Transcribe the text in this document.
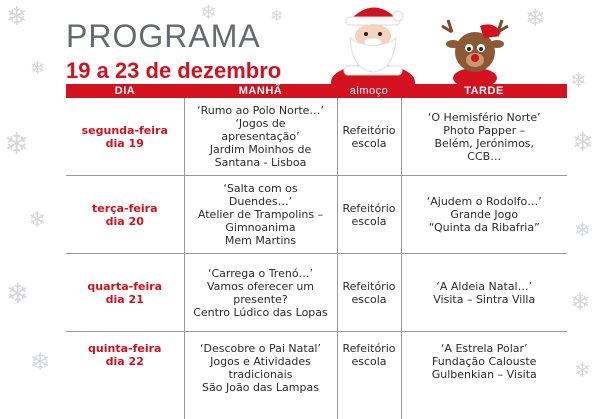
❄
❄
❄
❄
❄
❄
❄	❄	❄
❄
❄
❄
❄
❄
PROGRAMA
19 a 23 de dezembro
DIA	MANHÃ	almoço	TARDE

segunda-feira
dia 19	‘Rumo ao Polo Norte…’
‘Jogos de
apresentação’
Jardim Moinhos de
Santana - Lisboa	Refeitório
escola	‘O Hemisfério Norte’
Photo Papper –
Belém, Jerónimos,
CCB…

terça-feira
dia 20	‘Salta com os
Duendes…’
Atelier de Trampolins –
Gimnoanima
Mem Martins	Refeitório
escola	‘Ajudem o Rodolfo…’
Grande Jogo
“Quinta da Ribafria”

quarta-feira
dia 21	‘Carrega o Trenó…’
Vamos oferecer um
presente?
Centro Lúdico das Lopas	Refeitório
escola	‘A Aldeia Natal…’
Visita – Sintra Villa

quinta-feira
dia 22	‘Descobre o Pai Natal’
Jogos e Atividades
tradicionais
São João das Lampas	Refeitório
escola	‘A Estrela Polar’
Fundação Calouste
Gulbenkian – Visita
